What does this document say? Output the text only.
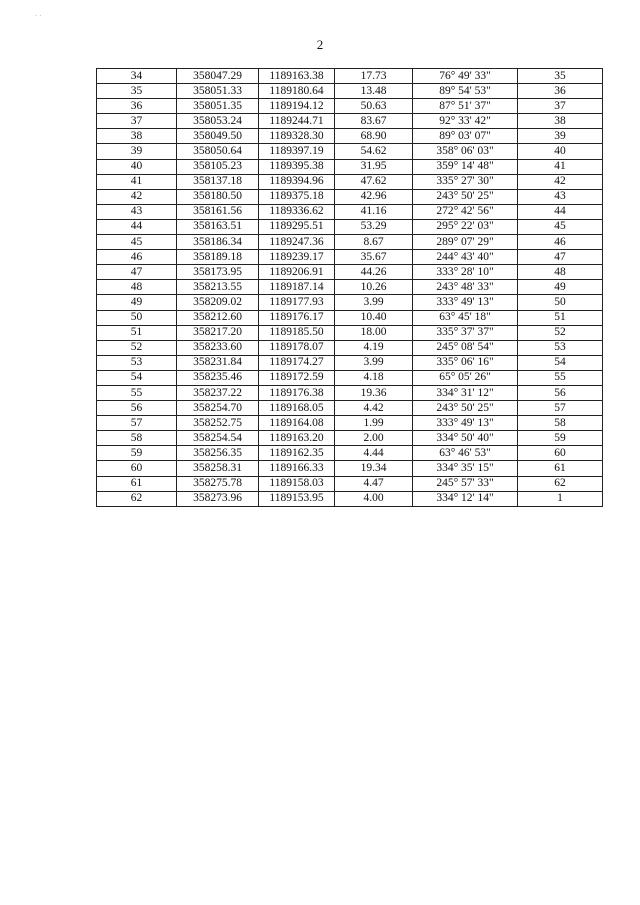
· ·
2
34	358047.29	1189163.38	17.73	76° 49' 33"	35
35	358051.33	1189180.64	13.48	89° 54' 53"	36
36	358051.35	1189194.12	50.63	87° 51' 37"	37
37	358053.24	1189244.71	83.67	92° 33' 42"	38
38	358049.50	1189328.30	68.90	89° 03' 07"	39
39	358050.64	1189397.19	54.62	358° 06' 03"	40
40	358105.23	1189395.38	31.95	359° 14' 48"	41
41	358137.18	1189394.96	47.62	335° 27' 30"	42
42	358180.50	1189375.18	42.96	243° 50' 25"	43
43	358161.56	1189336.62	41.16	272° 42' 56"	44
44	358163.51	1189295.51	53.29	295° 22' 03"	45
45	358186.34	1189247.36	8.67	289° 07' 29"	46
46	358189.18	1189239.17	35.67	244° 43' 40"	47
47	358173.95	1189206.91	44.26	333° 28' 10"	48
48	358213.55	1189187.14	10.26	243° 48' 33"	49
49	358209.02	1189177.93	3.99	333° 49' 13"	50
50	358212.60	1189176.17	10.40	63° 45' 18"	51
51	358217.20	1189185.50	18.00	335° 37' 37"	52
52	358233.60	1189178.07	4.19	245° 08' 54"	53
53	358231.84	1189174.27	3.99	335° 06' 16"	54
54	358235.46	1189172.59	4.18	65° 05' 26"	55
55	358237.22	1189176.38	19.36	334° 31' 12"	56
56	358254.70	1189168.05	4.42	243° 50' 25"	57
57	358252.75	1189164.08	1.99	333° 49' 13"	58
58	358254.54	1189163.20	2.00	334° 50' 40"	59
59	358256.35	1189162.35	4.44	63° 46' 53"	60
60	358258.31	1189166.33	19.34	334° 35' 15"	61
61	358275.78	1189158.03	4.47	245° 57' 33"	62
62	358273.96	1189153.95	4.00	334° 12' 14"	1
